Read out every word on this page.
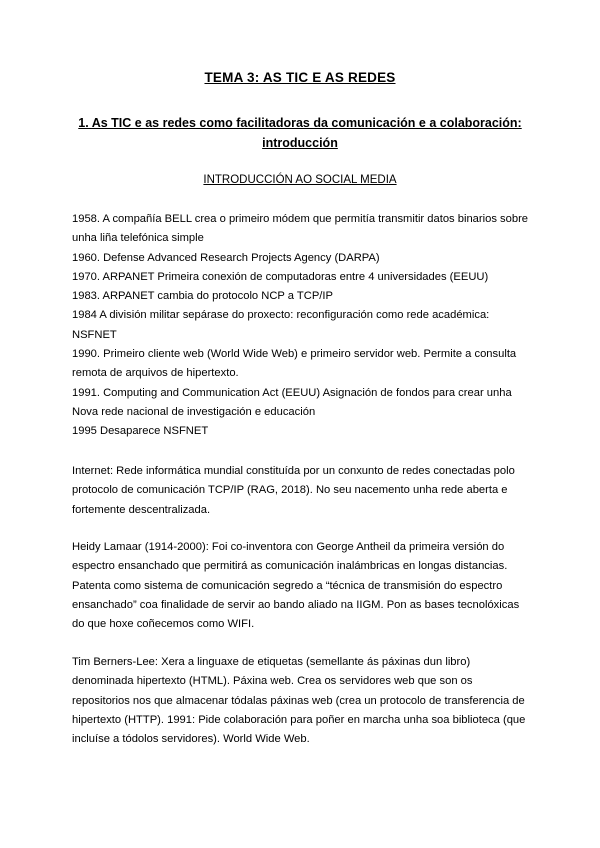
TEMA 3: AS TIC E AS REDES
1. As TIC e as redes como facilitadoras da comunicación e a colaboración:
introducción
INTRODUCCIÓN AO SOCIAL MEDIA
1958. A compañía BELL crea o primeiro módem que permitía transmitir datos binarios sobre
unha liña telefónica simple
1960. Defense Advanced Research Projects Agency (DARPA)
1970. ARPANET Primeira conexión de computadoras entre 4 universidades (EEUU)
1983. ARPANET cambia do protocolo NCP a TCP/IP
1984 A división militar sepárase do proxecto: reconfiguración como rede académica:
NSFNET
1990. Primeiro cliente web (World Wide Web) e primeiro servidor web. Permite a consulta
remota de arquivos de hipertexto.
1991. Computing and Communication Act (EEUU) Asignación de fondos para crear unha
Nova rede nacional de investigación e educación
1995 Desaparece NSFNET
Internet: Rede informática mundial constituída por un conxunto de redes conectadas polo
protocolo de comunicación TCP/IP (RAG, 2018). No seu nacemento unha rede aberta e
fortemente descentralizada.
Heidy Lamaar (1914-2000): Foi co-inventora con George Antheil da primeira versión do
espectro ensanchado que permitirá as comunicación inalámbricas en longas distancias.
Patenta como sistema de comunicación segredo a “técnica de transmisión do espectro
ensanchado” coa finalidade de servir ao bando aliado na IIGM. Pon as bases tecnolóxicas
do que hoxe coñecemos como WIFI.
Tim Berners-Lee: Xera a linguaxe de etiquetas (semellante ás páxinas dun libro)
denominada hipertexto (HTML). Páxina web. Crea os servidores web que son os
repositorios nos que almacenar tódalas páxinas web (crea un protocolo de transferencia de
hipertexto (HTTP). 1991: Pide colaboración para poñer en marcha unha soa biblioteca (que
incluíse a tódolos servidores). World Wide Web.
